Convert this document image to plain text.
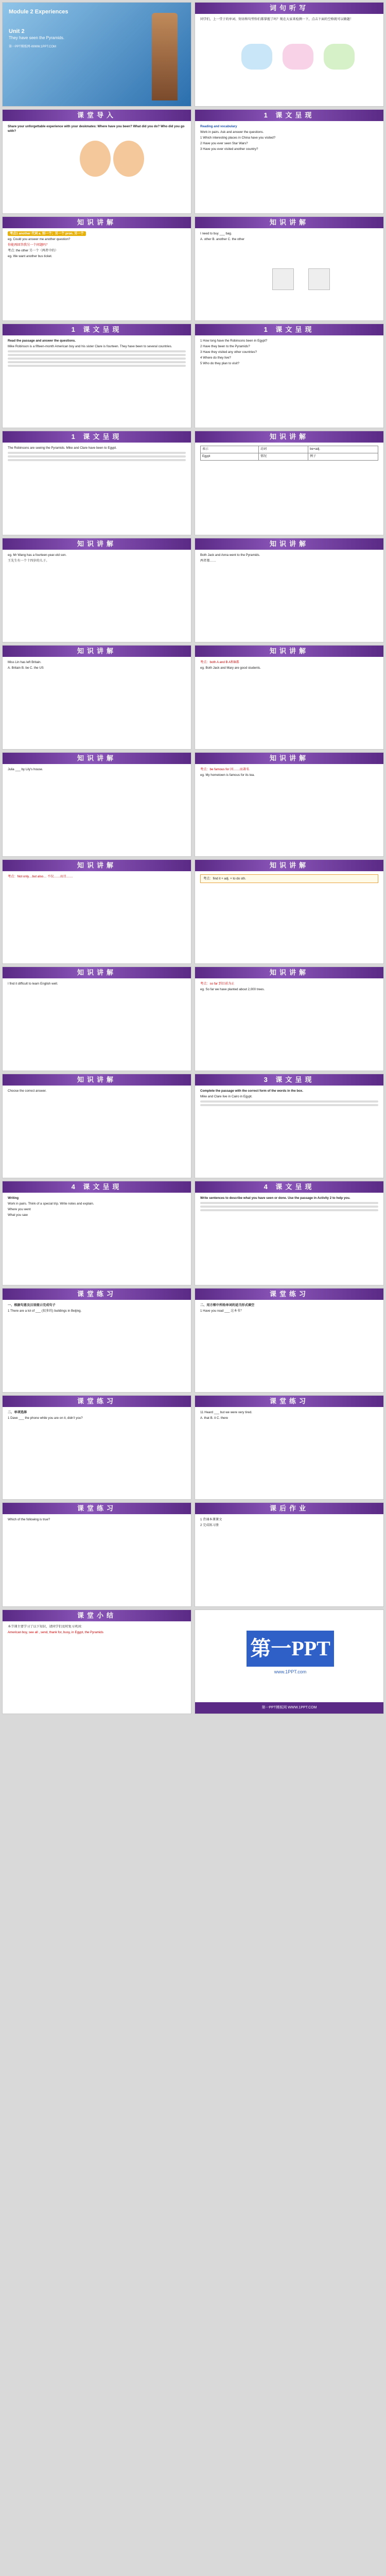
Module 2 Experiences
Unit 2
They have seen the Pyramids.
第一PPT模板网-WWW.1PPT.COM
词句听写

同学们，上一堂于的单词、短语和句型你们都掌握了吗？现在大家来检测一下，点击下面的空格就可以做题！

课堂导入

Share your unforgettable experience with your deskmates: Where have you been? What did you do? Who did you go with?

1 课文呈现

Reading and vocabulary

Work in pairs. Ask and answer the questions.

1 Which interesting places in China have you visited?

2 Have you ever seen Star Wars?

3 Have you ever visited another country?

知识讲解

考点1 another 代词 a. 别一个；另一个 pron. 另一个

eg. Could you answer me another question?

你能再回答我另一个问题吗？

考点: the other 另一个（两者中的）

eg. We want another bus ticket.

知识讲解

I need to buy ___ bag.

A. other B. another C. the other

1 课文呈现

Read the passage and answer the questions.

Mike Robinson is a fifteen-month American boy and his sister Clare is fourteen. They have been to several countries.

1 课文呈现

1 How long have the Robinsons been in Egypt?

2 Have they been to the Pyramids?

3 Have they visited any other countries?

4 Where do they live?

5 Who do they plan to visit?

1 课文呈现

The Robinsons are seeing the Pyramids. Mike and Clare have been to Egypt.

知识讲解
表示	动词	be+adj.
Egypt	情况	例子
知识讲解

eg. Mr Wang has a fourteen-year-old son.

王先生有一个十四岁的儿子。

知识讲解

Both Jack and Anna went to the Pyramids.

两者都……

知识讲解

Miss Lin has left Britain.

A. Britain B. be C. the US

知识讲解

考点：both A and B A和B都

eg. Both Jack and Mary are good students.

知识讲解

Julia ___ by Lily's house.

知识讲解

考点：be famous for 因……而著名

eg. My hometown is famous for its tea.

知识讲解

考点：Not only…but also… 不仅……而且……

知识讲解

考点：find it + adj. + to do sth.

知识讲解

I find it difficult to learn English well.

知识讲解

考点：so far 到目前为止

eg. So far we have planted about 2,000 trees.

知识讲解

Choose the correct answer.

3 课文呈现

Complete the passage with the correct form of the words in the box.

Mike and Clare live in Cairo in Egypt.

4 课文呈现

Writing

Work in pairs. Think of a special trip. Write notes and explain.

Where you went

What you saw

4 课文呈现

Write sentences to describe what you have seen or done. Use the passage in Activity 2 to help you.

课堂练习

一、根据句意及汉语提示完成句子

1 There are a lot of ___ (很多的) buildings in Beijing.

课堂练习

二、用方框中所给单词的适当形式填空

1 Have you read ___ 这本书？

课堂练习

二、单项选择

1 Dave ___ the phone while you are on it, didn't you?

课堂练习

11 Heard ___ but we were very tired.

A. that B. it C. there

课堂练习

Which of the following is true?

课后作业

1 背诵本课课文

2 完成练习册

课堂小结

本节课主要学习了以下知识，请同学们及时复习巩固：

American boy, see all , send, thank for, busy, in Egypt, the Pyramids

第一PPT
www.1PPT.com
第一PPT模板网 WWW.1PPT.COM
